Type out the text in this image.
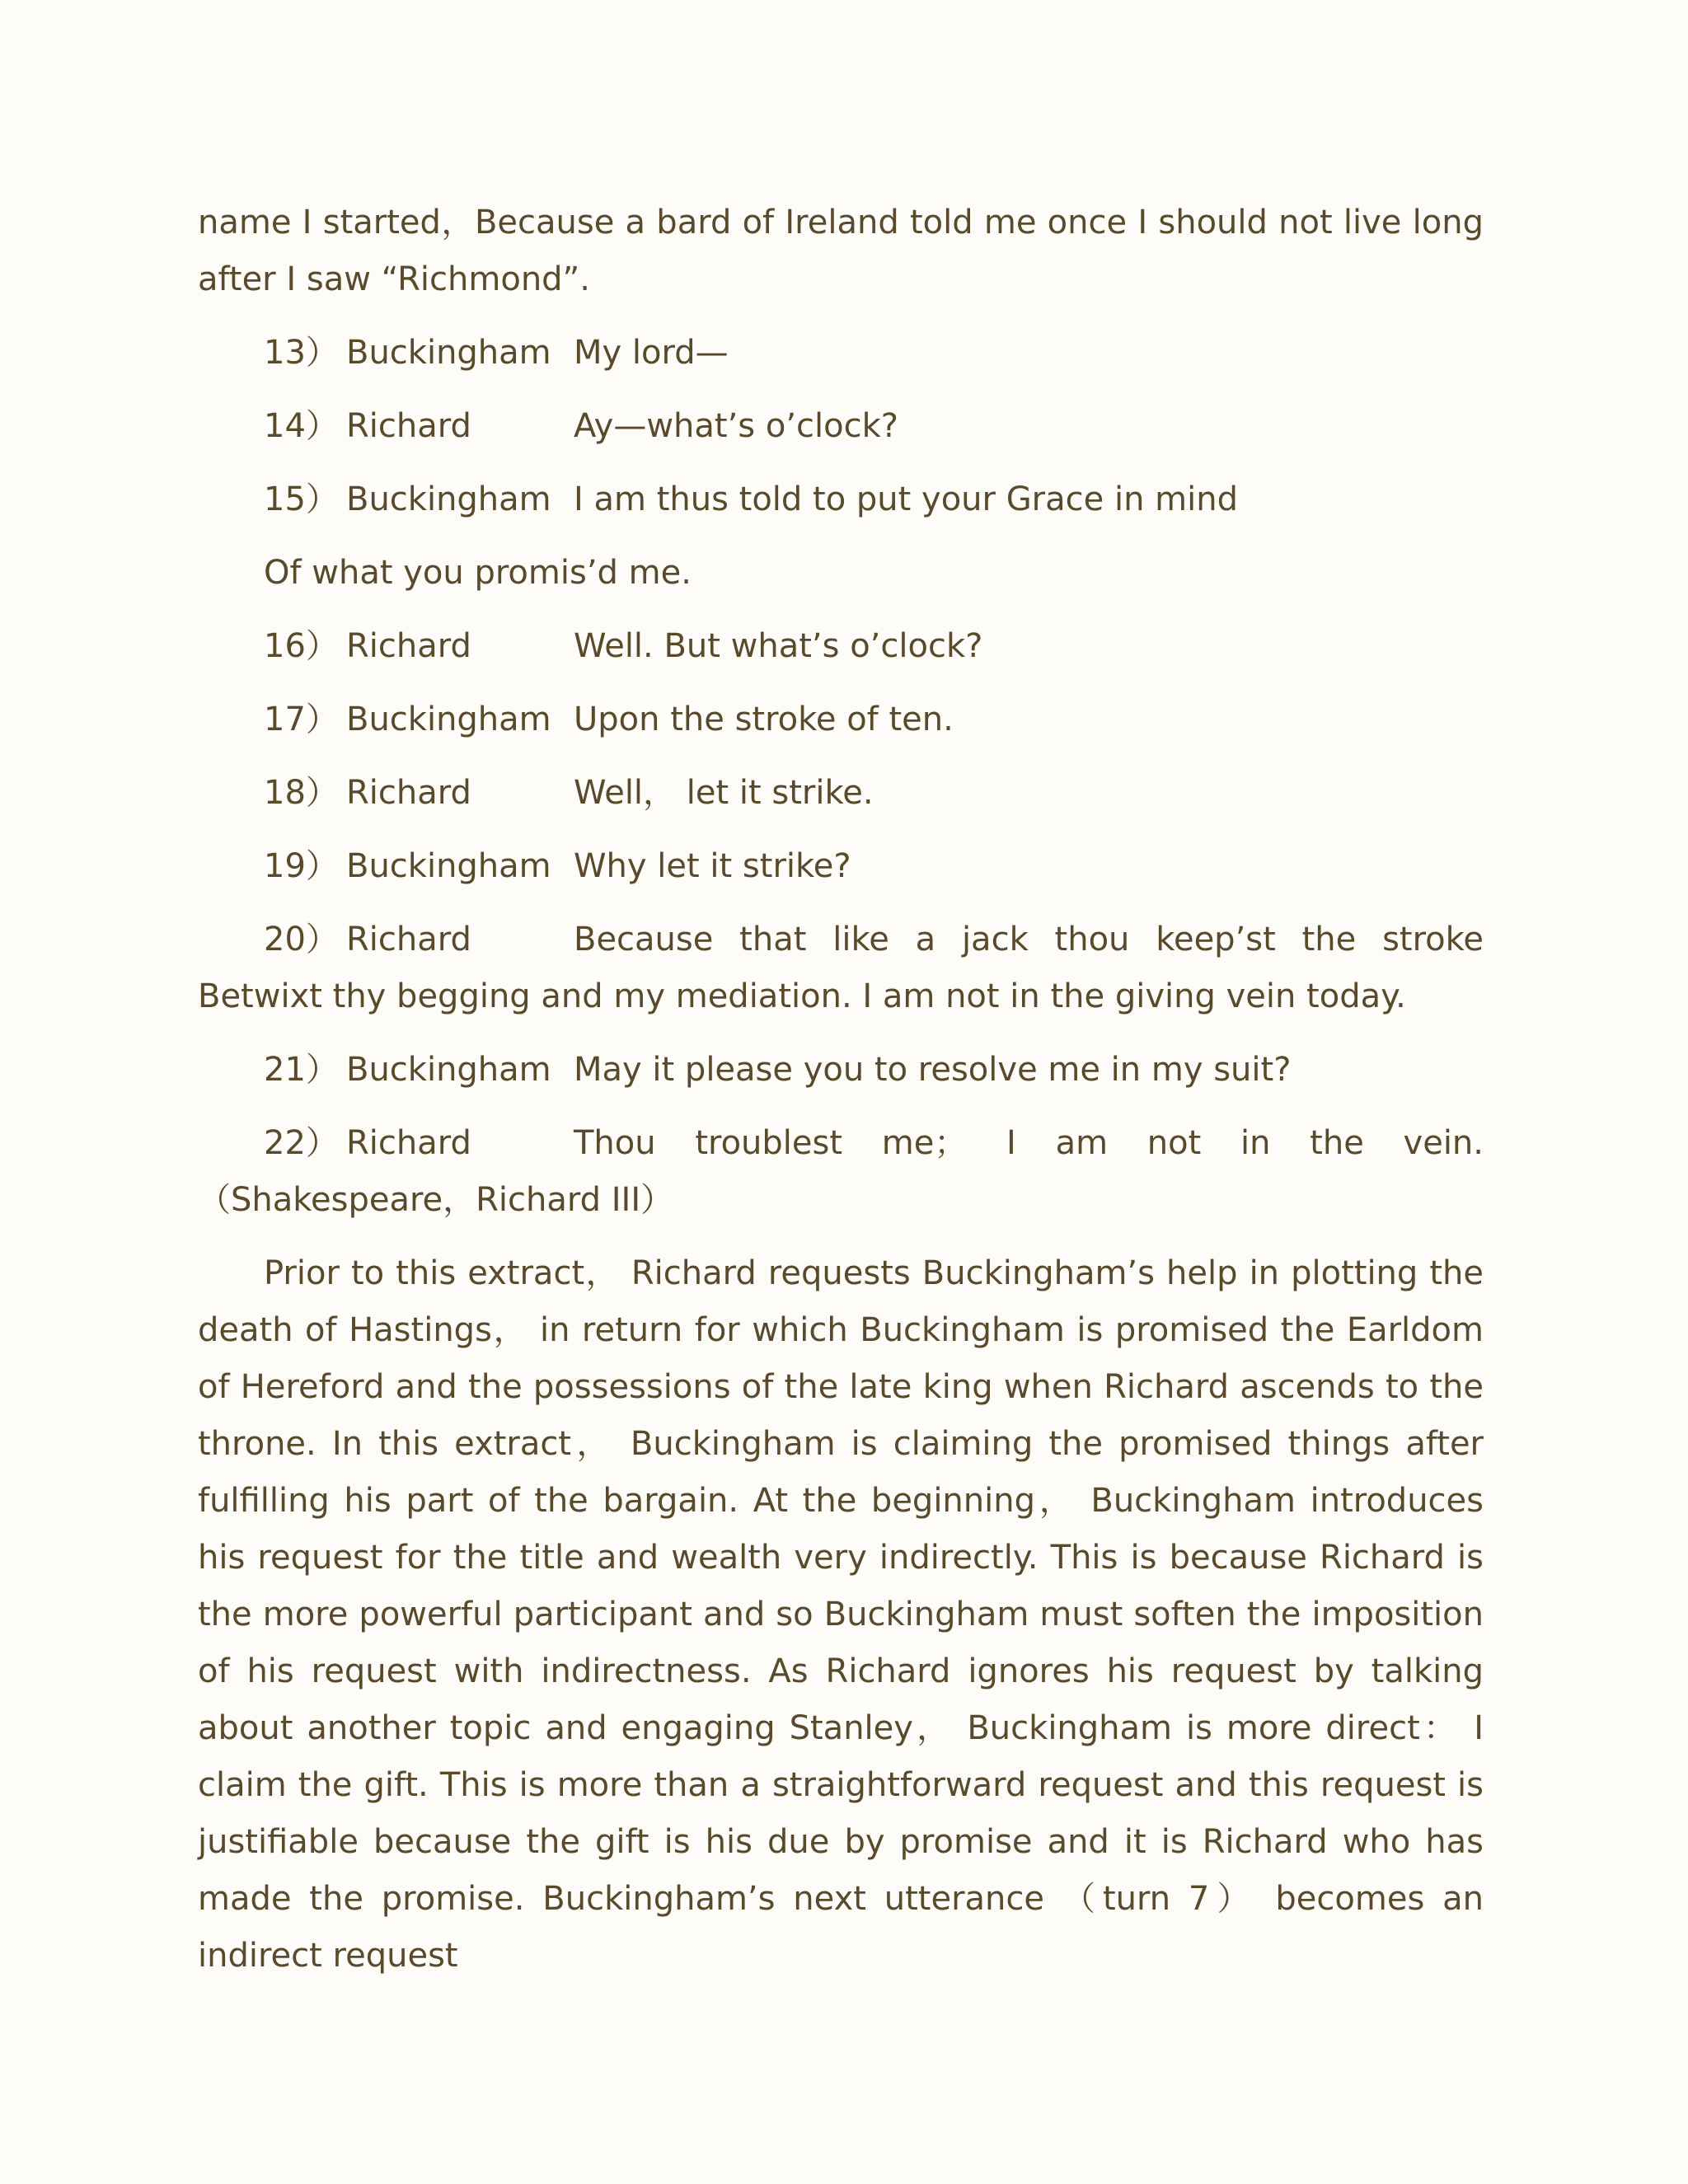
name I started，Because a bard of Ireland told me once I should not live long after I saw “Richmond”.

13） Buckingham My lord—
14） Richard	Ay—what’s o’clock?
15） Buckingham I am thus told to put your Grace in mind
Of what you promis’d me.
16） Richard	Well. But what’s o’clock?
17） Buckingham Upon the stroke of ten.
18） Richard	Well， let it strike.
19） Buckingham Why let it strike?

20） Richard	Because that like a jack thou keep’st the stroke Betwixt thy begging and my mediation. I am not in the giving vein today.

21） Buckingham May it please you to resolve me in my suit?

22） Richard	Thou troublest me； I am not in the vein.（Shakespeare，Richard III）

Prior to this extract， Richard requests Buckingham’s help in plotting the death of Hastings， in return for which Buckingham is promised the Earldom of Hereford and the possessions of the late king when Richard ascends to the throne. In this extract， Buckingham is claiming the promised things after fulfilling his part of the bargain. At the beginning， Buckingham introduces his request for the title and wealth very indirectly. This is because Richard is the more powerful participant and so Buckingham must soften the imposition of his request with indirectness. As Richard ignores his request by talking about another topic and engaging Stanley， Buckingham is more direct： I claim the gift. This is more than a straightforward request and this request is justifiable because the gift is his due by promise and it is Richard who has made the promise. Buckingham’s next utterance （turn 7） becomes an indirect request
